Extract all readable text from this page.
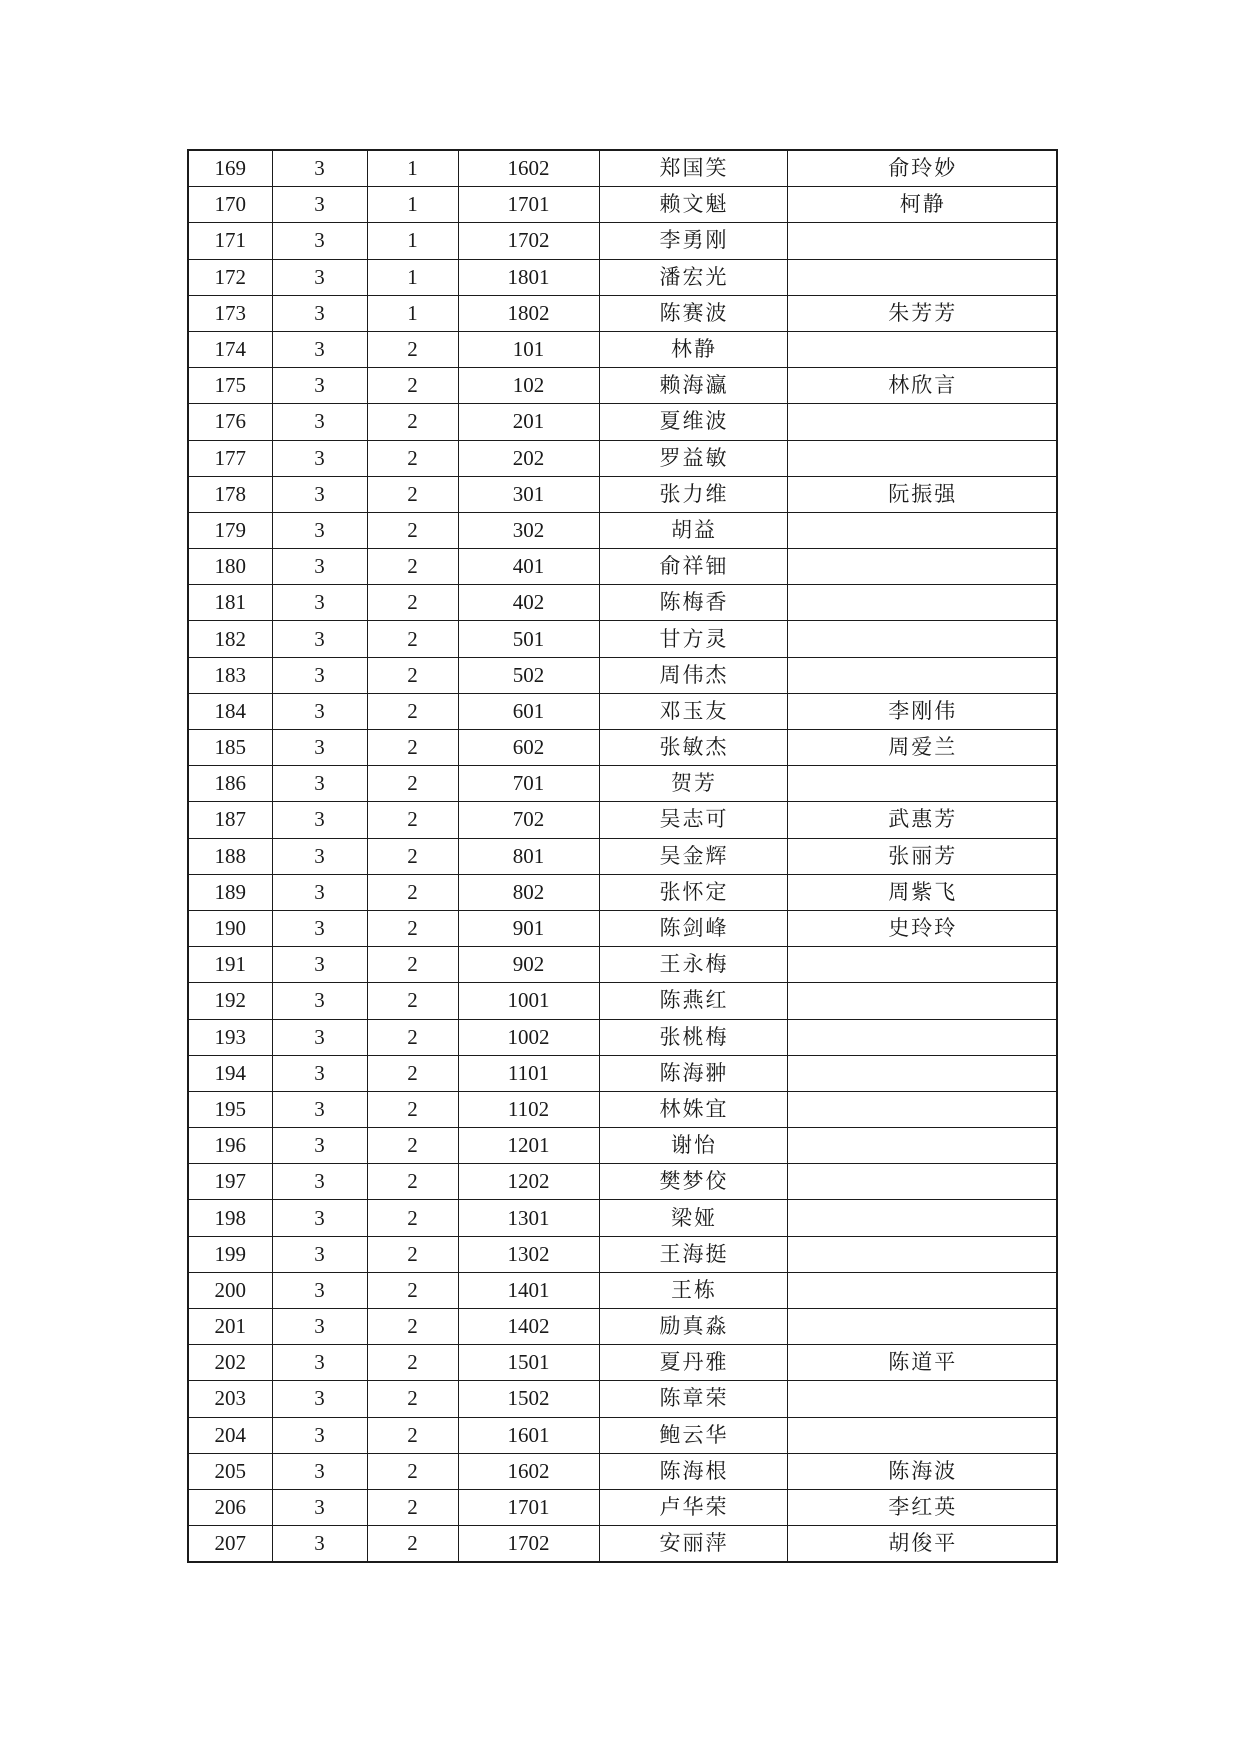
169	3	1	1602	郑国笑	俞玲妙
170	3	1	1701	赖文魁	柯静
171	3	1	1702	李勇刚	
172	3	1	1801	潘宏光	
173	3	1	1802	陈赛波	朱芳芳
174	3	2	101	林静	
175	3	2	102	赖海瀛	林欣言
176	3	2	201	夏维波	
177	3	2	202	罗益敏	
178	3	2	301	张力维	阮振强
179	3	2	302	胡益	
180	3	2	401	俞祥钿	
181	3	2	402	陈梅香	
182	3	2	501	甘方灵	
183	3	2	502	周伟杰	
184	3	2	601	邓玉友	李刚伟
185	3	2	602	张敏杰	周爱兰
186	3	2	701	贺芳	
187	3	2	702	吴志可	武惠芳
188	3	2	801	吴金辉	张丽芳
189	3	2	802	张怀定	周紫飞
190	3	2	901	陈剑峰	史玲玲
191	3	2	902	王永梅	
192	3	2	1001	陈燕红	
193	3	2	1002	张桃梅	
194	3	2	1101	陈海翀	
195	3	2	1102	林姝宜	
196	3	2	1201	谢怡	
197	3	2	1202	樊梦佼	
198	3	2	1301	梁娅	
199	3	2	1302	王海挺	
200	3	2	1401	王栋	
201	3	2	1402	励真淼	
202	3	2	1501	夏丹雅	陈道平
203	3	2	1502	陈章荣	
204	3	2	1601	鲍云华	
205	3	2	1602	陈海根	陈海波
206	3	2	1701	卢华荣	李红英
207	3	2	1702	安丽萍	胡俊平
